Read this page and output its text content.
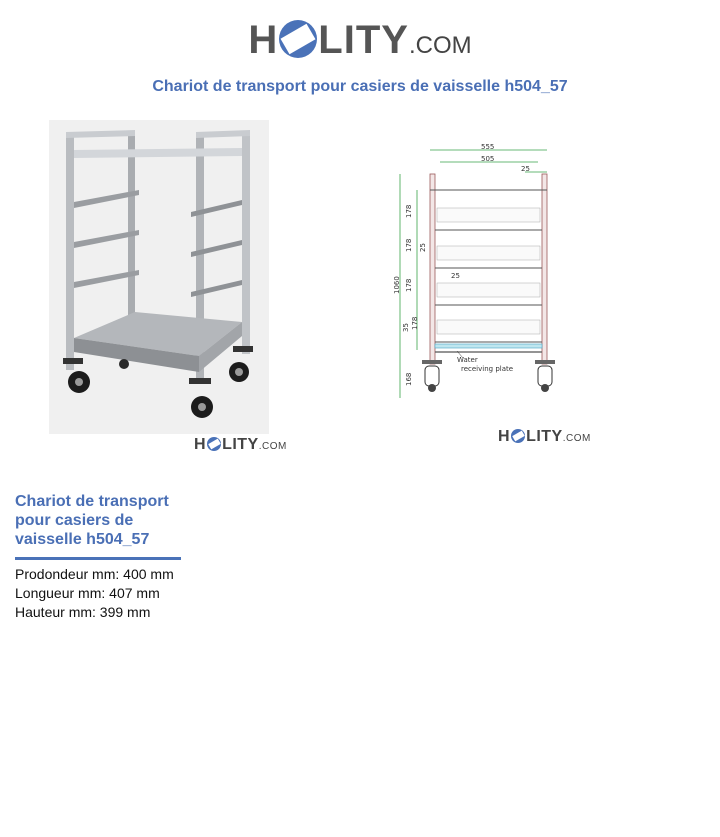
H LITY.COM
Chariot de transport pour casiers de vaisselle h504_57
H LITY.COM
555
505
25
178
178 25
25
178
35 178
1060
168
Water
receiving plate
H LITY.COM
Chariot de transport pour casiers de vaisselle h504_57
Prodondeur mm: 400 mm
Longueur mm: 407 mm
Hauteur mm: 399 mm
